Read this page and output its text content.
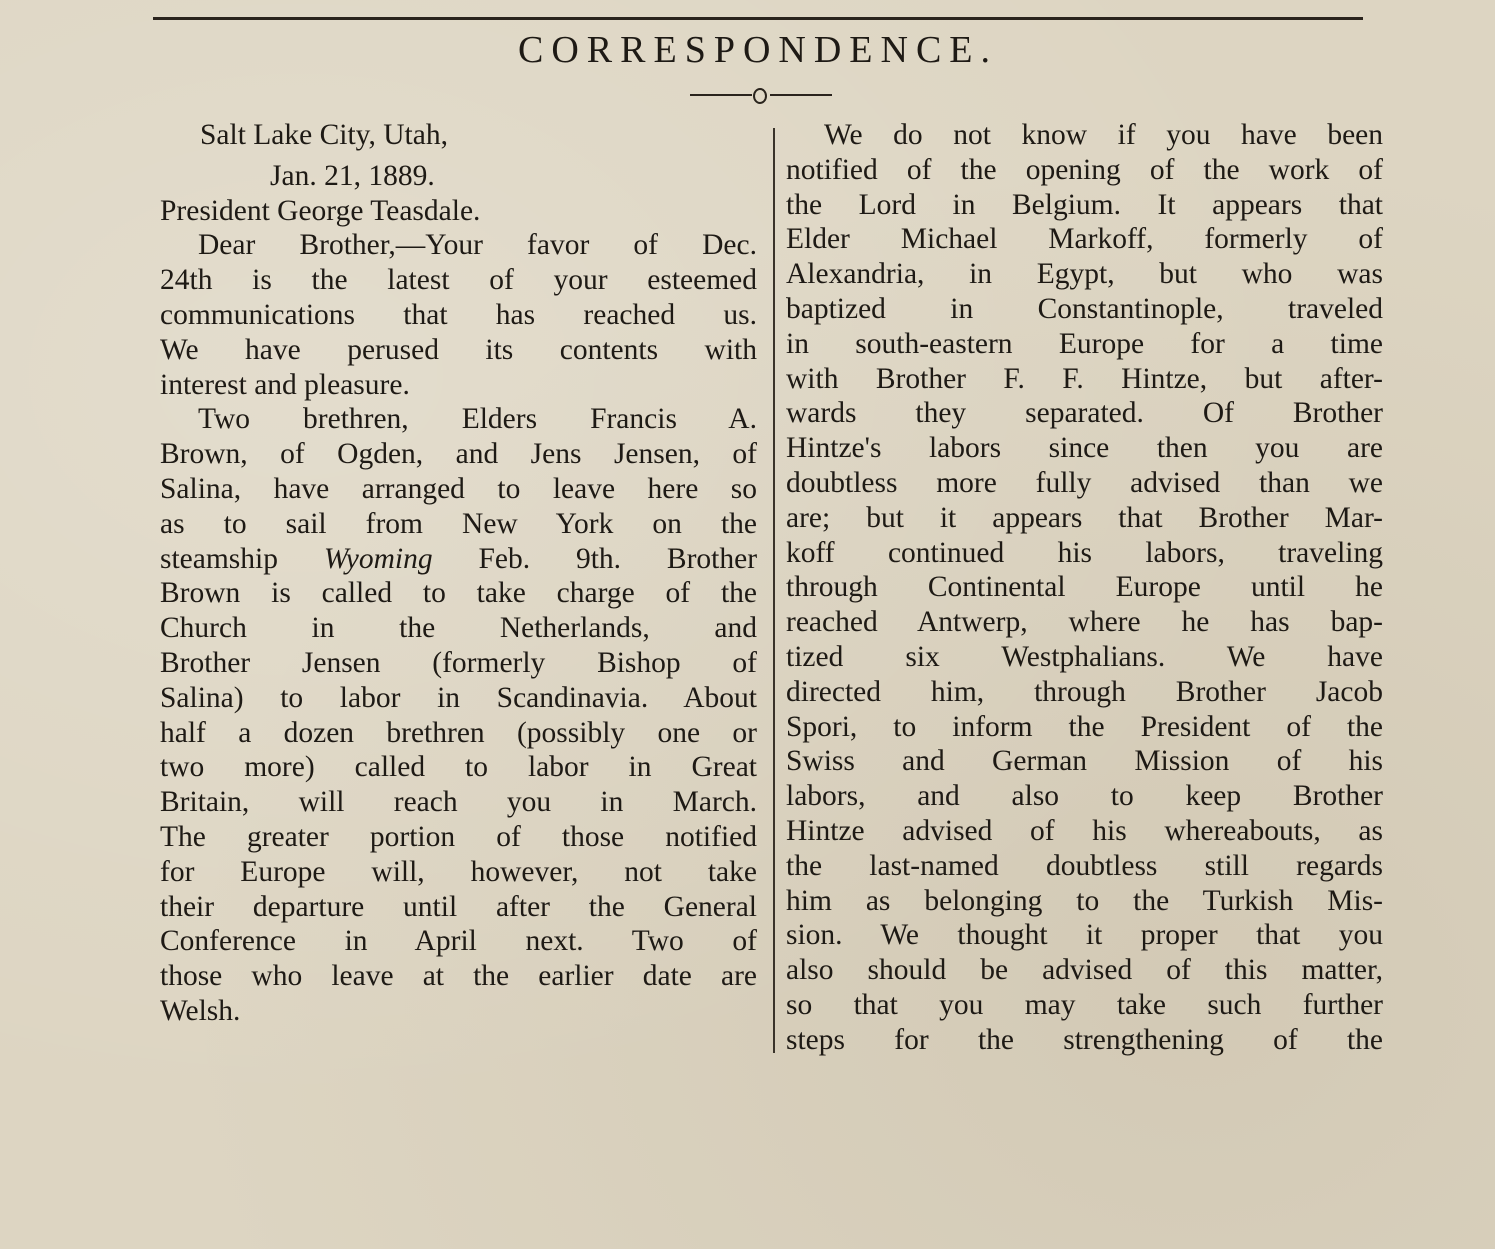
CORRESPONDENCE.
Salt Lake City, Utah,
Jan. 21, 1889.
President George Teasdale.
Dear Brother,—Your favor of Dec.
24th is the latest of your esteemed
communications that has reached us.
We have perused its contents with
interest and pleasure.
Two brethren, Elders Francis A.
Brown, of Ogden, and Jens Jensen, of
Salina, have arranged to leave here so
as to sail from New York on the
steamship Wyoming Feb. 9th. Brother
Brown is called to take charge of the
Church in the Netherlands, and
Brother Jensen (formerly Bishop of
Salina) to labor in Scandinavia. About
half a dozen brethren (possibly one or
two more) called to labor in Great
Britain, will reach you in March.
The greater portion of those notified
for Europe will, however, not take
their departure until after the General
Conference in April next. Two of
those who leave at the earlier date are
Welsh.
We do not know if you have been
notified of the opening of the work of
the Lord in Belgium. It appears that
Elder Michael Markoff, formerly of
Alexandria, in Egypt, but who was
baptized in Constantinople, traveled
in south-eastern Europe for a time
with Brother F. F. Hintze, but after-
wards they separated. Of Brother
Hintze's labors since then you are
doubtless more fully advised than we
are; but it appears that Brother Mar-
koff continued his labors, traveling
through Continental Europe until he
reached Antwerp, where he has bap-
tized six Westphalians. We have
directed him, through Brother Jacob
Spori, to inform the President of the
Swiss and German Mission of his
labors, and also to keep Brother
Hintze advised of his whereabouts, as
the last-named doubtless still regards
him as belonging to the Turkish Mis-
sion. We thought it proper that you
also should be advised of this matter,
so that you may take such further
steps for the strengthening of the
